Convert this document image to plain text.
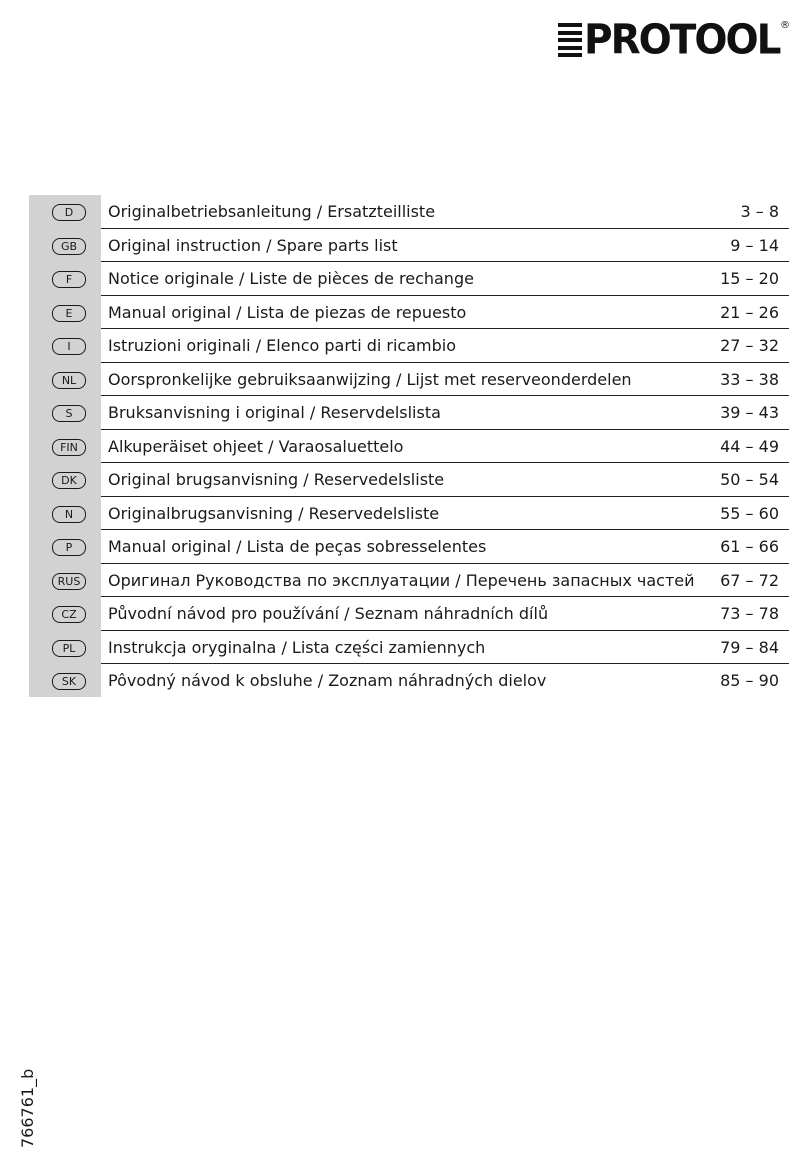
PROTOOL ®
D	Originalbetriebsanleitung / Ersatzteilliste	3 – 8
GB	Original instruction / Spare parts list	9 – 14
F	Notice originale / Liste de pièces de rechange	15 – 20
E	Manual original / Lista de piezas de repuesto	21 – 26
I	Istruzioni originali / Elenco parti di ricambio	27 – 32
NL	Oorspronkelijke gebruiksaanwijzing / Lijst met reserveonderdelen	33 – 38
S	Bruksanvisning i original / Reservdelslista	39 – 43
FIN	Alkuperäiset ohjeet / Varaosaluettelo	44 – 49
DK	Original brugsanvisning / Reservedelsliste	50 – 54
N	Originalbrugsanvisning / Reservedelsliste	55 – 60
P	Manual original / Lista de peças sobresselentes	61 – 66
RUS	Оригинал Руководства по эксплуатации / Перечень запасных частей 67 – 72
CZ	Původní návod pro používání / Seznam náhradních dílů	73 – 78
PL	Instrukcja oryginalna / Lista części zamiennych	79 – 84
SK	Pôvodný návod k obsluhe / Zoznam náhradných dielov	85 – 90
766761_b
